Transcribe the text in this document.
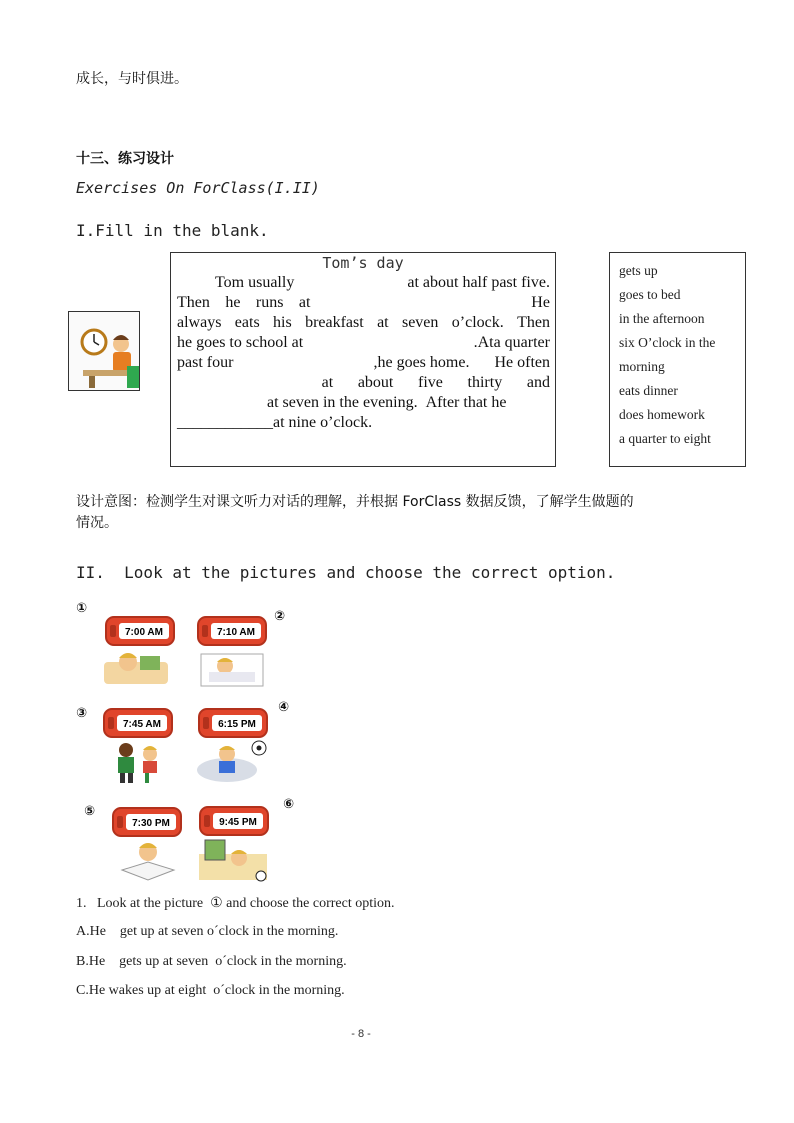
成长，与时俱进。
十三、练习设计
Exercises On ForClass(I.II)
I.Fill in the blank.
Tom’s day
Tom usually	at about half past five.
Then he runs at	He
always eats his breakfast at seven o’clock. Then
he goes to school at	.Ata quarter
past four	,he goes home. He often
at about five thirty and
at seven in the evening. After that he
____________at nine o’clock.
gets up
goes to bed
in the afternoon
six O’clock in the
morning
eats dinner
does homework
a quarter to eight
设计意图：检测学生对课文听力对话的理解，并根据 ForClass 数据反馈，了解学生做题的
情况。
II.  Look at the pictures and choose the correct option.
①
②
③	④
⑤	⑥
7:00 AM	7:10 AM
7:45 AM	6:15 PM
7:30 PM	9:45 PM
1.   Look at the picture  ① and choose the correct option.
A.He    get up at seven o´clock in the morning.
B.He    gets up at seven  o´clock in the morning.
C.He wakes up at eight  o´clock in the morning.
- 8 -
